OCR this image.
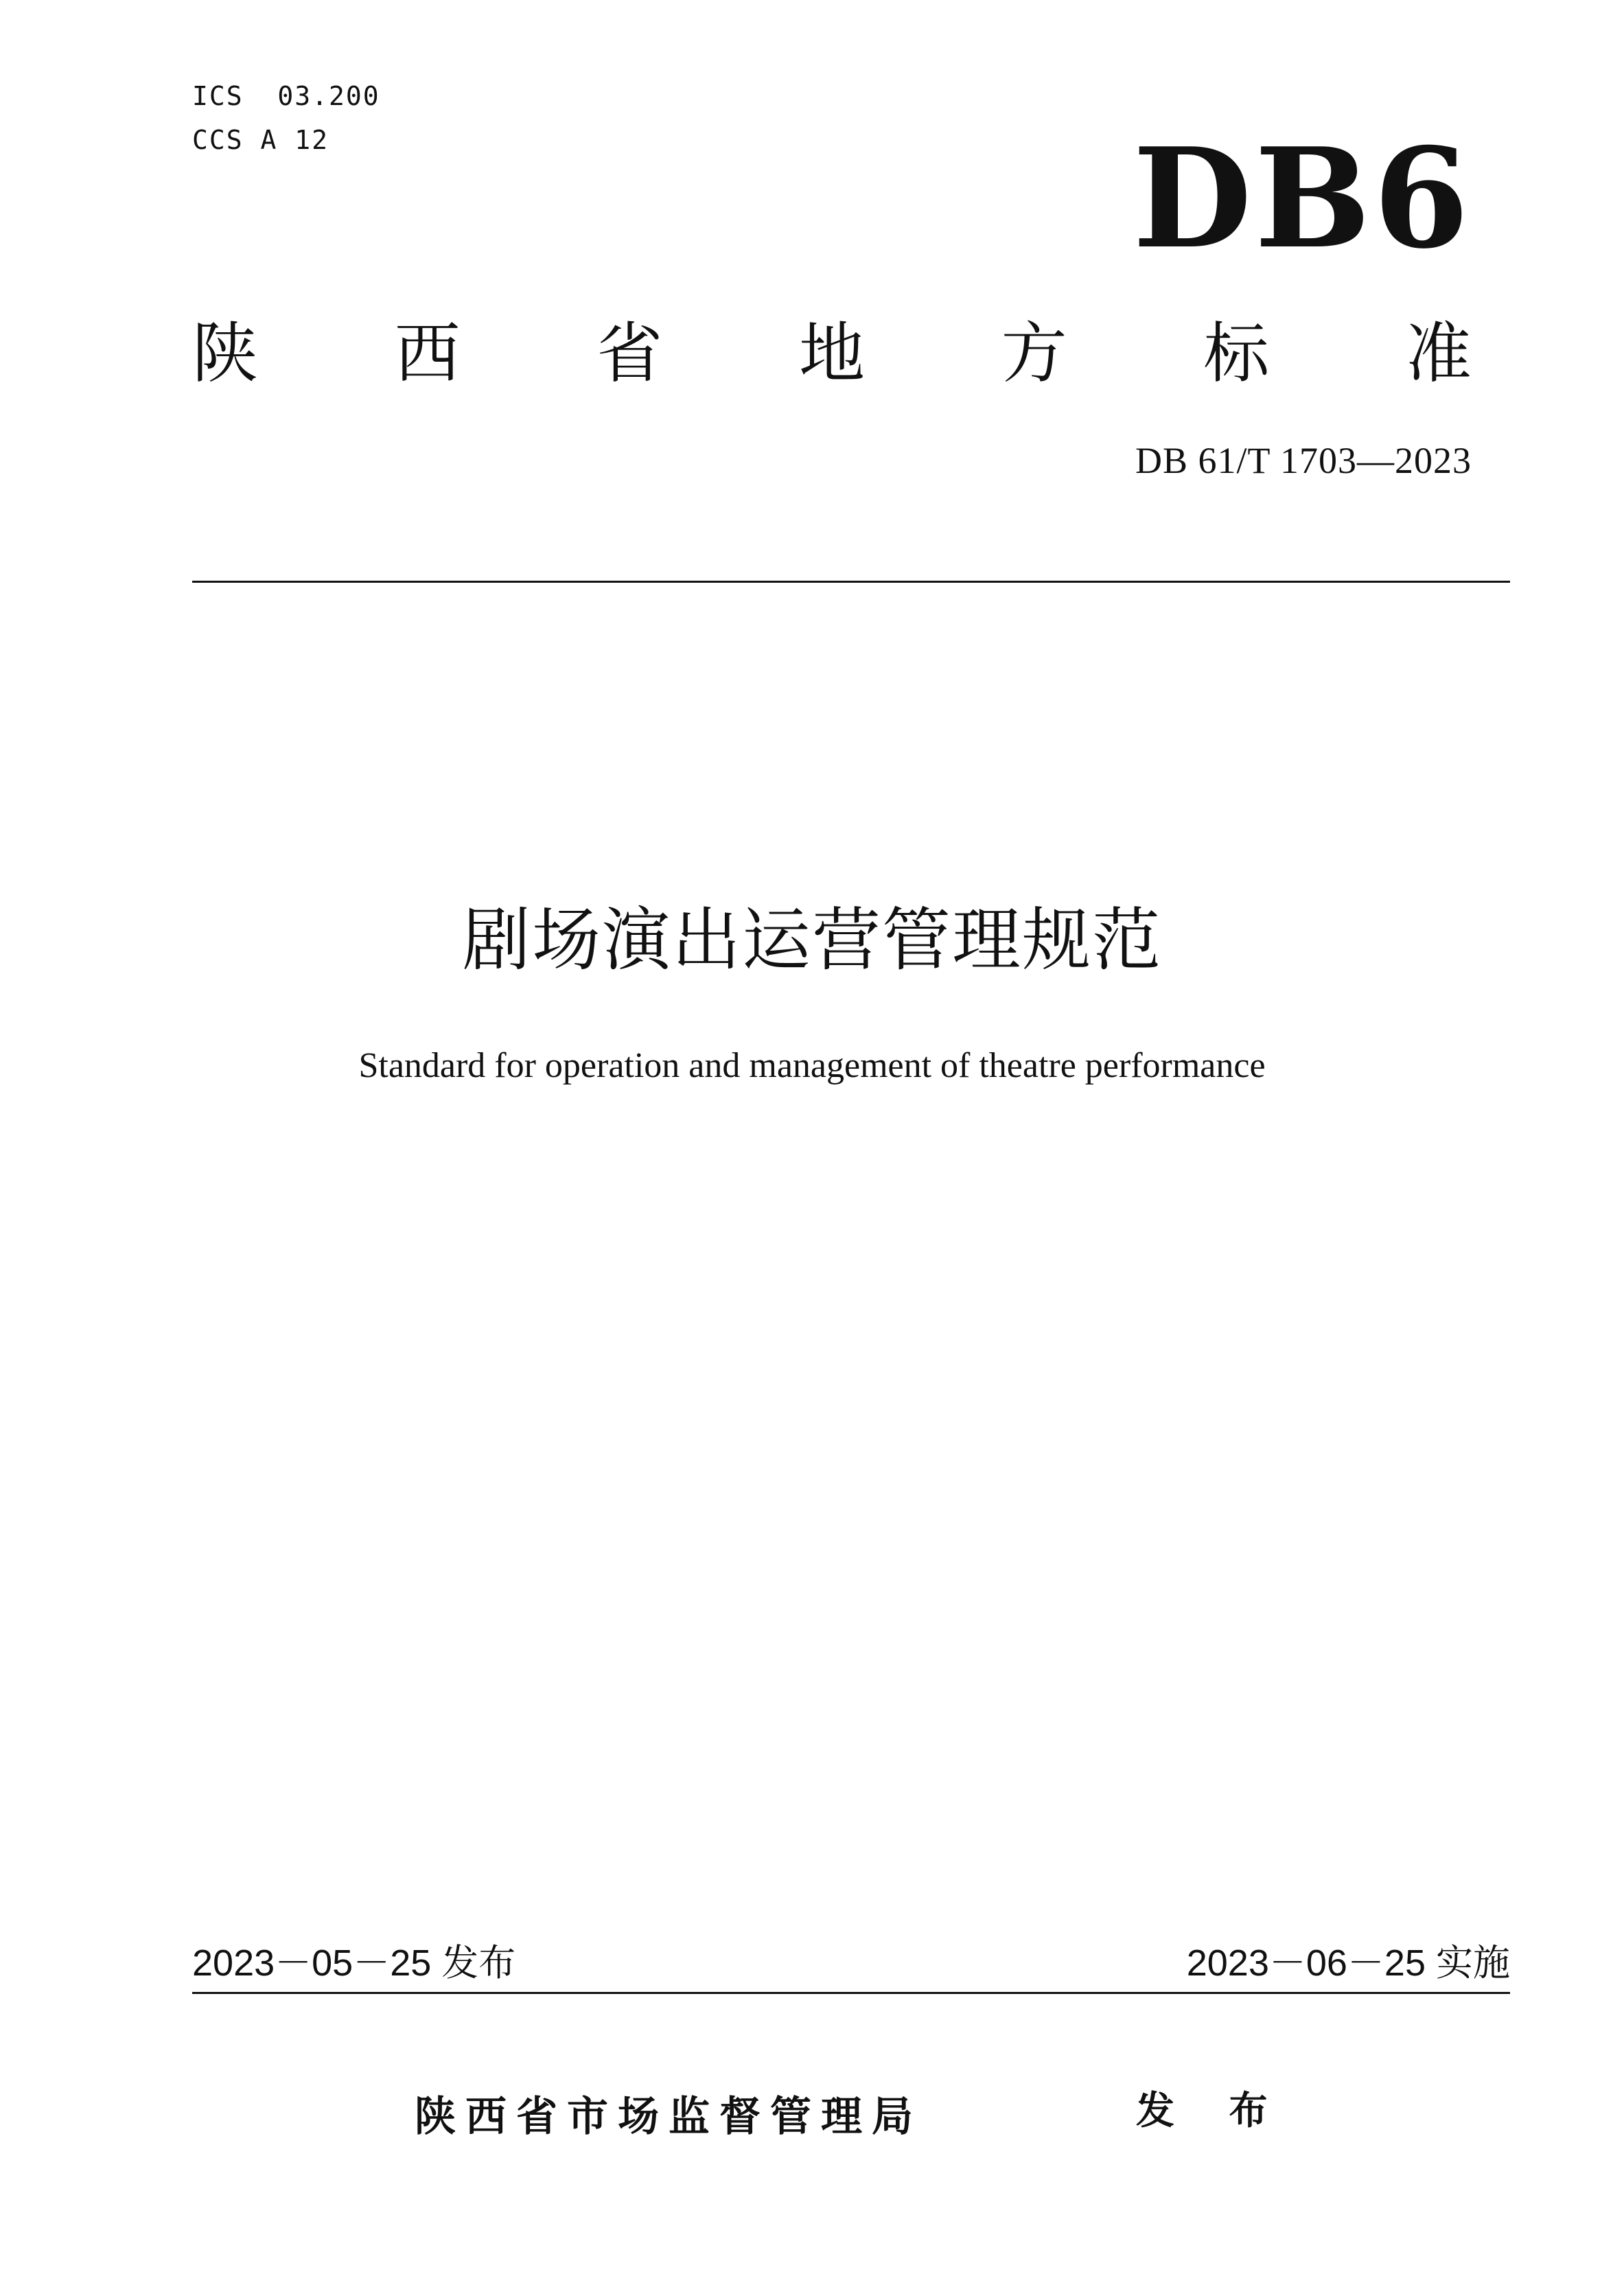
ICS  03.200
CCS A 12	DB6
陕 西 省 地 方 标 准
DB 61/T 1703—2023
剧场演出运营管理规范
Standard for operation and management of theatre performance
2023－05－25 发布	2023－06－25 实施
陕西省市场监督管理局	发 布
